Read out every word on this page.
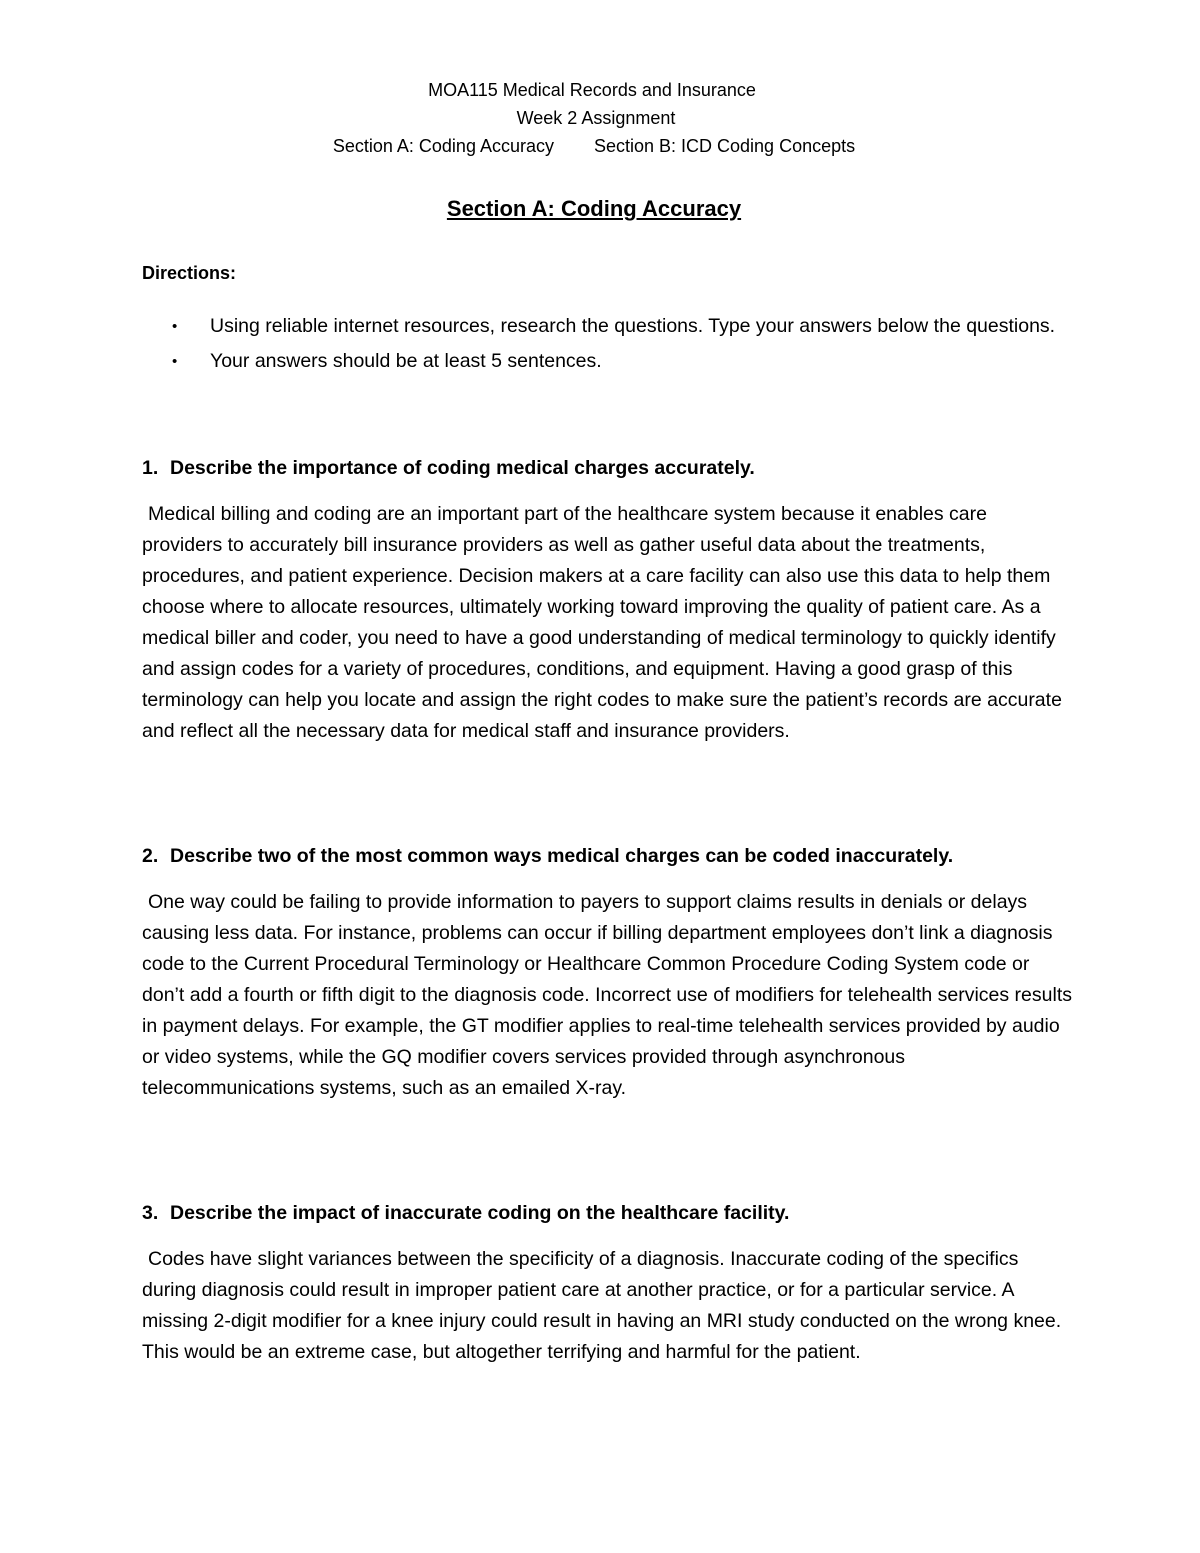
MOA115 Medical Records and Insurance
Week 2 Assignment
Section A: Coding Accuracy Section B: ICD Coding Concepts
Section A: Coding Accuracy
Directions:
• Using reliable internet resources, research the questions. Type your answers below the questions.
• Your answers should be at least 5 sentences.
1. Describe the importance of coding medical charges accurately.

Medical billing and coding are an important part of the healthcare system because it enables care providers to accurately bill insurance providers as well as gather useful data about the treatments, procedures, and patient experience. Decision makers at a care facility can also use this data to help them choose where to allocate resources, ultimately working toward improving the quality of patient care. As a medical biller and coder, you need to have a good understanding of medical terminology to quickly identify and assign codes for a variety of procedures, conditions, and equipment. Having a good grasp of this terminology can help you locate and assign the right codes to make sure the patient’s records are accurate and reflect all the necessary data for medical staff and insurance providers.

2. Describe two of the most common ways medical charges can be coded inaccurately.

One way could be failing to provide information to payers to support claims results in denials or delays causing less data. For instance, problems can occur if billing department employees don’t link a diagnosis code to the Current Procedural Terminology or Healthcare Common Procedure Coding System code or don’t add a fourth or fifth digit to the diagnosis code. Incorrect use of modifiers for telehealth services results in payment delays. For example, the GT modifier applies to real-time telehealth services provided by audio or video systems, while the GQ modifier covers services provided through asynchronous telecommunications systems, such as an emailed X-ray.

3. Describe the impact of inaccurate coding on the healthcare facility.

Codes have slight variances between the specificity of a diagnosis. Inaccurate coding of the specifics during diagnosis could result in improper patient care at another practice, or for a particular service. A missing 2-digit modifier for a knee injury could result in having an MRI study conducted on the wrong knee. This would be an extreme case, but altogether terrifying and harmful for the patient.
